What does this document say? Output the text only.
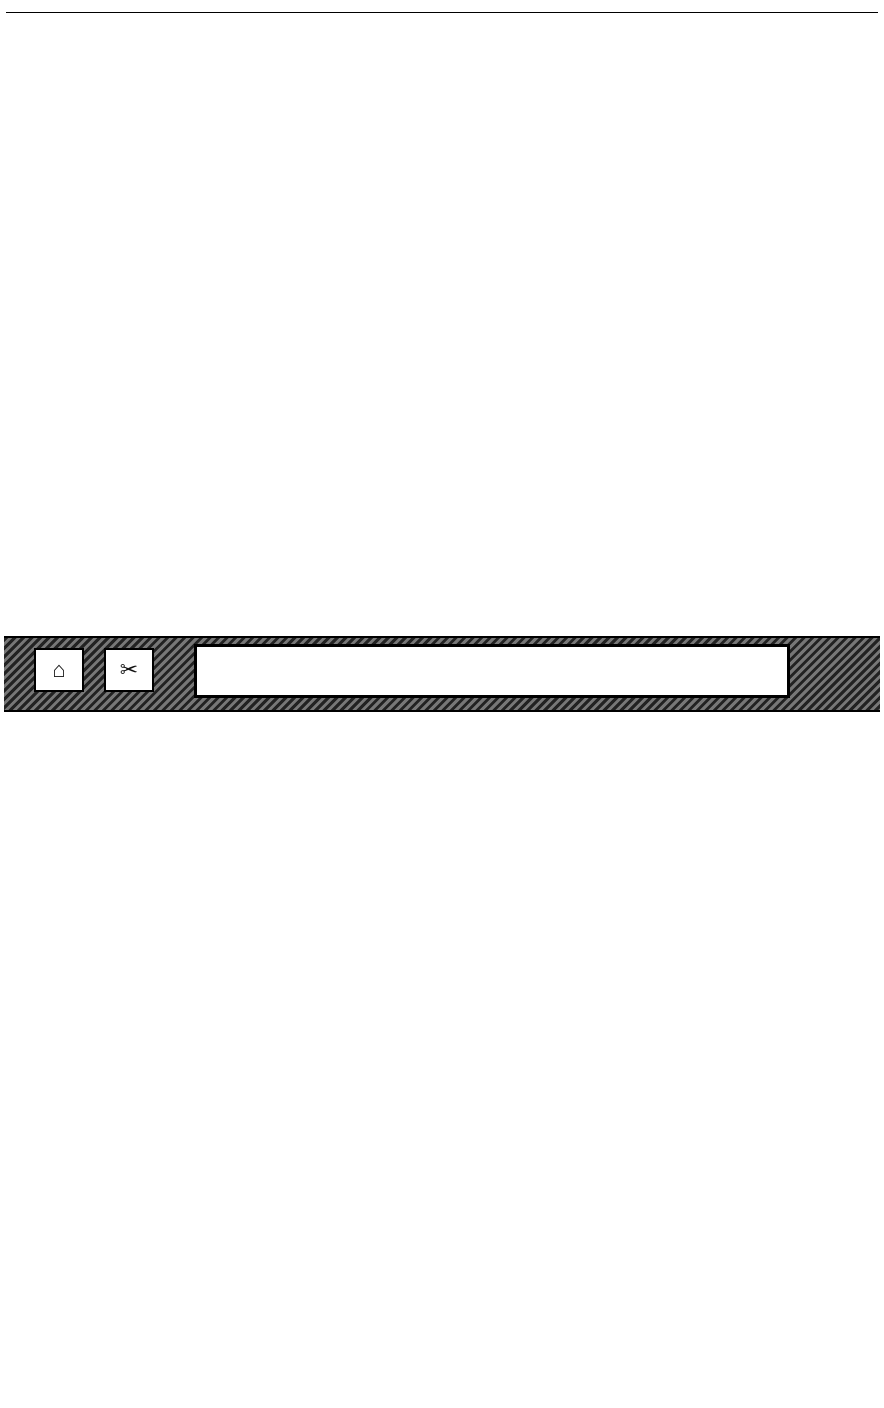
⌂	✂
